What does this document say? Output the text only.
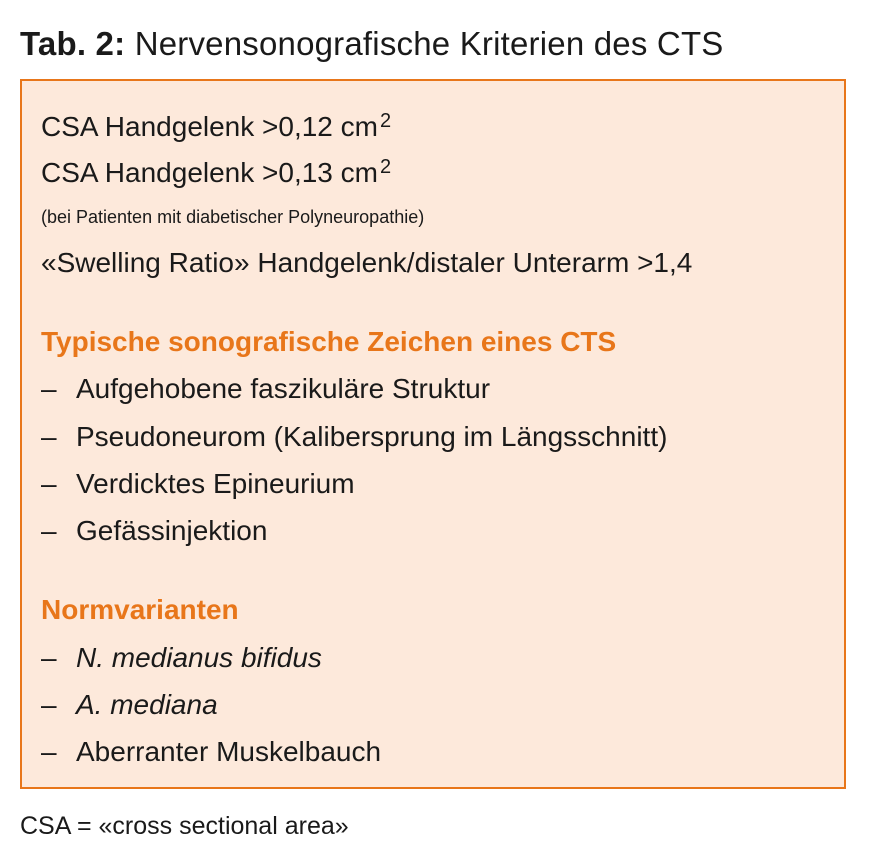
Tab. 2: Nervensonografische Kriterien des CTS
CSA Handgelenk >0,12 cm $^2$
CSA Handgelenk >0,13 cm $^2$
(bei Patienten mit diabetischer Polyneuropathie)
«Swelling Ratio» Handgelenk/distaler Unterarm >1,4
Typische sonografische Zeichen eines CTS
– Aufgehobene faszikuläre Struktur
– Pseudoneurom (Kalibersprung im Längsschnitt)
– Verdicktes Epineurium
– Gefässinjektion
Normvarianten
– N. medianus bifidus
– A. mediana
– Aberranter Muskelbauch
CSA = «cross sectional area»
